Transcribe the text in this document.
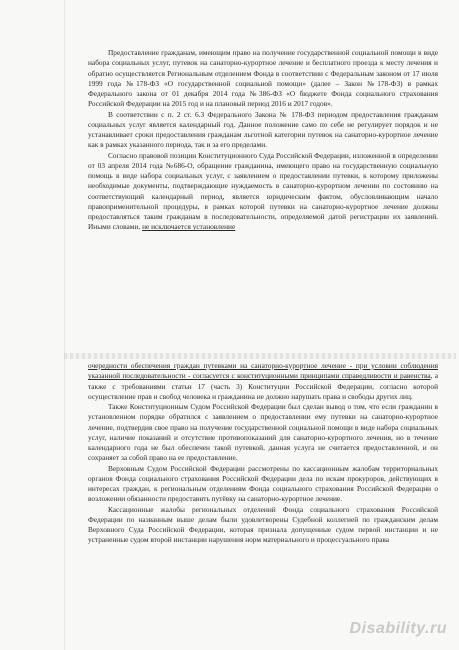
Предоставление гражданам, имеющим право на получение государственной социальной помощи в виде набора социальных услуг, путевок на санаторно-курортное лечение и бесплатного проезда к месту лечения и обратно осуществляется Региональным отделением Фонда в соответствии с Федеральным законом от 17 июля 1999 года №178-ФЗ «О государственной социальной помощи» (далее – Закон №178-ФЗ) в рамках Федерального закона от 01 декабря 2014 года №386-ФЗ «О бюджете Фонда социального страхования Российской Федерации на 2015 год и на плановый период 2016 и 2017 годов».

В соответствии с п. 2 ст. 6.3 Федерального Закона № 178-ФЗ периодом предоставления гражданам социальных услуг является календарный год. Данное положение само по себе не регулирует порядок и не устанавливает сроки предоставления гражданам льготной категории путевок на санаторно-курортное лечение как в рамках указанного периода, так и за его пределами.

Согласно правовой позиции Конституционного Суда Российской Федерации, изложенной в определении от 03 апреля 2014 года №686-О, обращение гражданина, имеющего право на государственную социальную помощь в виде набора социальных услуг, с заявлением о предоставлении путевки, к которому приложены необходимые документы, подтверждающие нуждаемость в санаторно-курортном лечении по состоянию на соответствующий календарный период, является юридическим фактом, обусловливающим начало правоприменительной процедуры, в рамках которой путевки на санаторно-курортное лечение должны предоставляться таким гражданам в последовательности, определяемой датой регистрации их заявлений. Иными словами, не исключается установление

очередности обеспечения граждан путевками на санаторно-курортное лечение - при условии соблюдения указанной последовательности - согласуется с конституционными принципами справедливости и равенства, а также с требованиями статьи 17 (часть 3) Конституции Российской Федерации, согласно которой осуществление прав и свобод человека и гражданина не должно нарушать права и свободы других лиц.

Также Конституционным Судом Российской Федерации был сделан вывод о том, что если гражданин в установленном порядке обратился с заявлением о предоставлении ему путевки на санаторно-курортное лечение, подтвердив свое право на получение государственной социальной помощи в виде набора социальных услуг, наличие показаний и отсутствие противопоказаний для санаторно-курортного лечения, но в течение календарного года не был обеспечен такой путевкой, данная услуга не считается предоставленной, и он сохраняет за собой право на ее предоставление.

Верховным Судом Российской Федерации рассмотрены по кассационным жалобам территориальных органов Фонда социального страхования Российской Федерации дела по искам прокуроров, действующих в интересах граждан, к региональным отделениям Фонда социального страхования Российской Федерации о возложении обязанности предоставить путёвку на санаторно-курортное лечение.

Кассационные жалобы региональных отделений Фонда социального страхования Российской Федерации по названным выше делам были удовлетворены Судебной коллегией по гражданским делам Верховного Суда Российской Федерации, которая признала допущенные судом первой инстанции и не устраненные судом второй инстанции нарушения норм материального и процессуального права

Disability.ru
